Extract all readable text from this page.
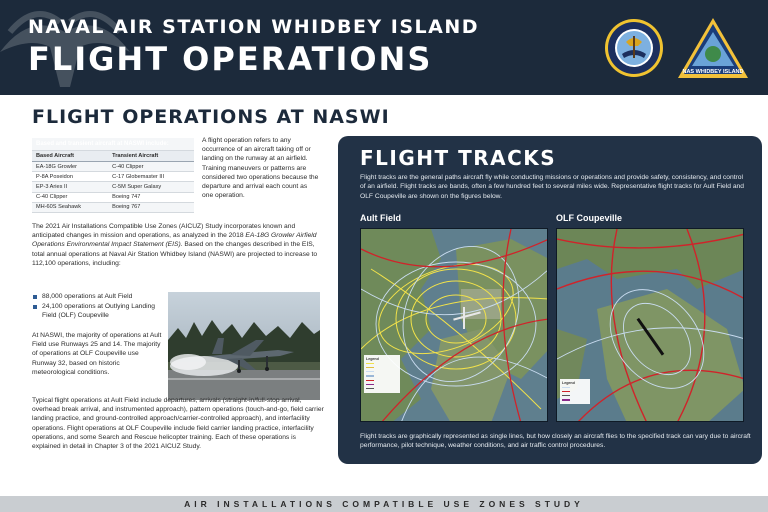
NAVAL AIR STATION WHIDBEY ISLAND
FLIGHT OPERATIONS	NAS WHIDBEY ISLAND
FLIGHT OPERATIONS AT NASWI
Based and transient aircraft at NASWI include:	
Based Aircraft	Transient Aircraft
EA-18G Growler	C-40 Clipper
P-8A Poseidon	C-17 Globemaster III
EP-3 Aries II	C-5M Super Galaxy
C-40 Clipper	Boeing 747
MH-60S Seahawk	Boeing 767
A flight operation refers to any occurrence of an aircraft taking off or landing on the runway at an airfield. Training maneuvers or patterns are considered two operations because the departure and arrival each count as one operation.
The 2021 Air Installations Compatible Use Zones (AICUZ) Study incorporates known and anticipated changes in mission and operations, as analyzed in the 2018 EA-18G Growler Airfield Operations Environmental Impact Statement (EIS). Based on the changes described in the EIS, total annual operations at Naval Air Station Whidbey Island (NASWI) are projected to increase to 112,100 operations, including:
88,000 operations at Ault Field
24,100 operations at Outlying Landing Field (OLF) Coupeville
At NASWI, the majority of operations at Ault Field use Runways 25 and 14. The majority of operations at OLF Coupeville use Runway 32, based on historic meteorological conditions.
Typical flight operations at Ault Field include departures, arrivals (straight-in/full-stop arrival, overhead break arrival, and instrumented approach), pattern operations (touch-and-go, field carrier landing practice, and ground-controlled approach/carrier-controlled approach), and interfacility operations. Flight operations at OLF Coupeville include field carrier landing practice, interfacility operations, and some Search and Rescue helicopter training. Each of these operations is explained in detail in Chapter 3 of the 2021 AICUZ Study.
FLIGHT TRACKS
Flight tracks are the general paths aircraft fly while conducting missions or operations and provide safety, consistency, and control of an airfield. Flight tracks are bands, often a few hundred feet to several miles wide. Representative flight tracks for Ault Field and OLF Coupeville are shown on the figures below.
Ault Field
Legend

OLF Coupeville
Legend

Flight tracks are graphically represented as single lines, but how closely an aircraft flies to the specified track can vary due to aircraft performance, pilot technique, weather conditions, and air traffic control procedures.
AIR INSTALLATIONS COMPATIBLE USE ZONES STUDY
